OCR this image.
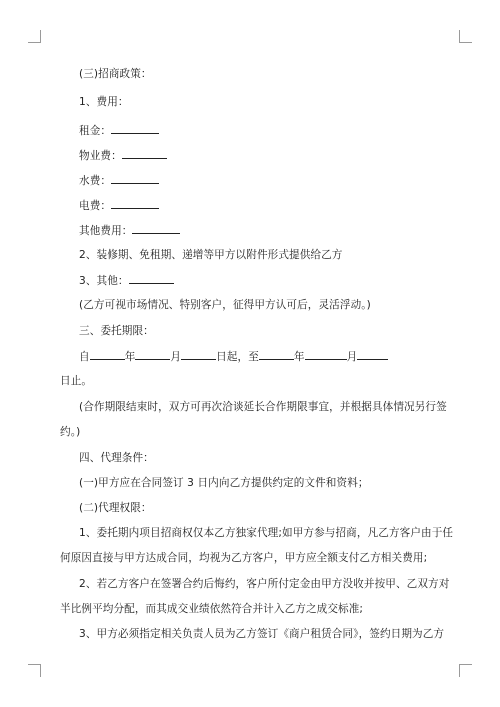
(三)招商政策：
1、费用：
租金：
物业费：
水费：
电费：
其他费用：
2、装修期、免租期、递增等甲方以附件形式提供给乙方
3、其他：
(乙方可视市场情况、特别客户，征得甲方认可后，灵活浮动。)
三、委托期限：
自	年	月	日起，至	年	月
日止。
(合作期限结束时，双方可再次洽谈延长合作期限事宜，并根据具体情况另行签
约。)
四、代理条件：
(一)甲方应在合同签订 3 日内向乙方提供约定的文件和资料；
(二)代理权限：
1、委托期内项目招商权仅本乙方独家代理;如甲方参与招商，凡乙方客户由于任
何原因直接与甲方达成合同，均视为乙方客户，甲方应全额支付乙方相关费用;
2、若乙方客户在签署合约后悔约，客户所付定金由甲方没收并按甲、乙双方对
半比例平均分配，而其成交业绩依然符合并计入乙方之成交标准;
3、甲方必须指定相关负责人员为乙方签订《商户租赁合同》，签约日期为乙方
